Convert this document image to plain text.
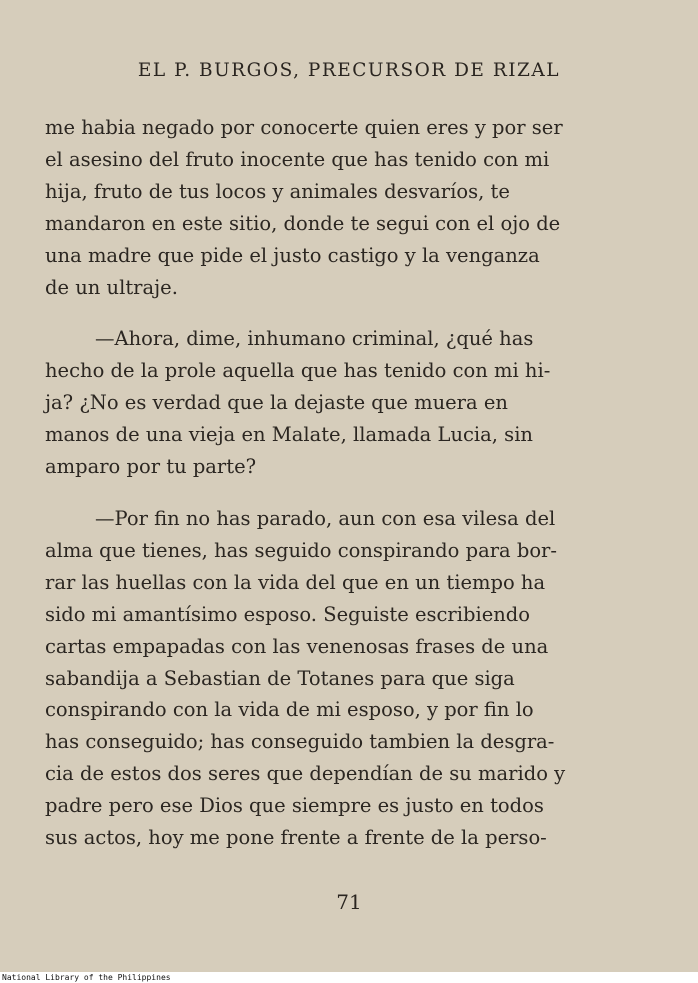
EL P. BURGOS, PRECURSOR DE RIZAL

me habia negado por conocerte quien eres y por ser
el asesino del fruto inocente que has tenido con mi
hija, fruto de tus locos y animales desvaríos, te
mandaron en este sitio, donde te segui con el ojo de
una madre que pide el justo castigo y la venganza
de un ultraje.

—Ahora, dime, inhumano criminal, ¿qué has
hecho de la prole aquella que has tenido con mi hi-
ja? ¿No es verdad que la dejaste que muera en
manos de una vieja en Malate, llamada Lucia, sin
amparo por tu parte?

—Por fin no has parado, aun con esa vilesa del
alma que tienes, has seguido conspirando para bor-
rar las huellas con la vida del que en un tiempo ha
sido mi amantísimo esposo. Seguiste escribiendo
cartas empapadas con las venenosas frases de una
sabandija a Sebastian de Totanes para que siga
conspirando con la vida de mi esposo, y por fin lo
has conseguido; has conseguido tambien la desgra-
cia de estos dos seres que dependían de su marido y
padre pero ese Dios que siempre es justo en todos
sus actos, hoy me pone frente a frente de la perso-

71
National Library of the Philippines
